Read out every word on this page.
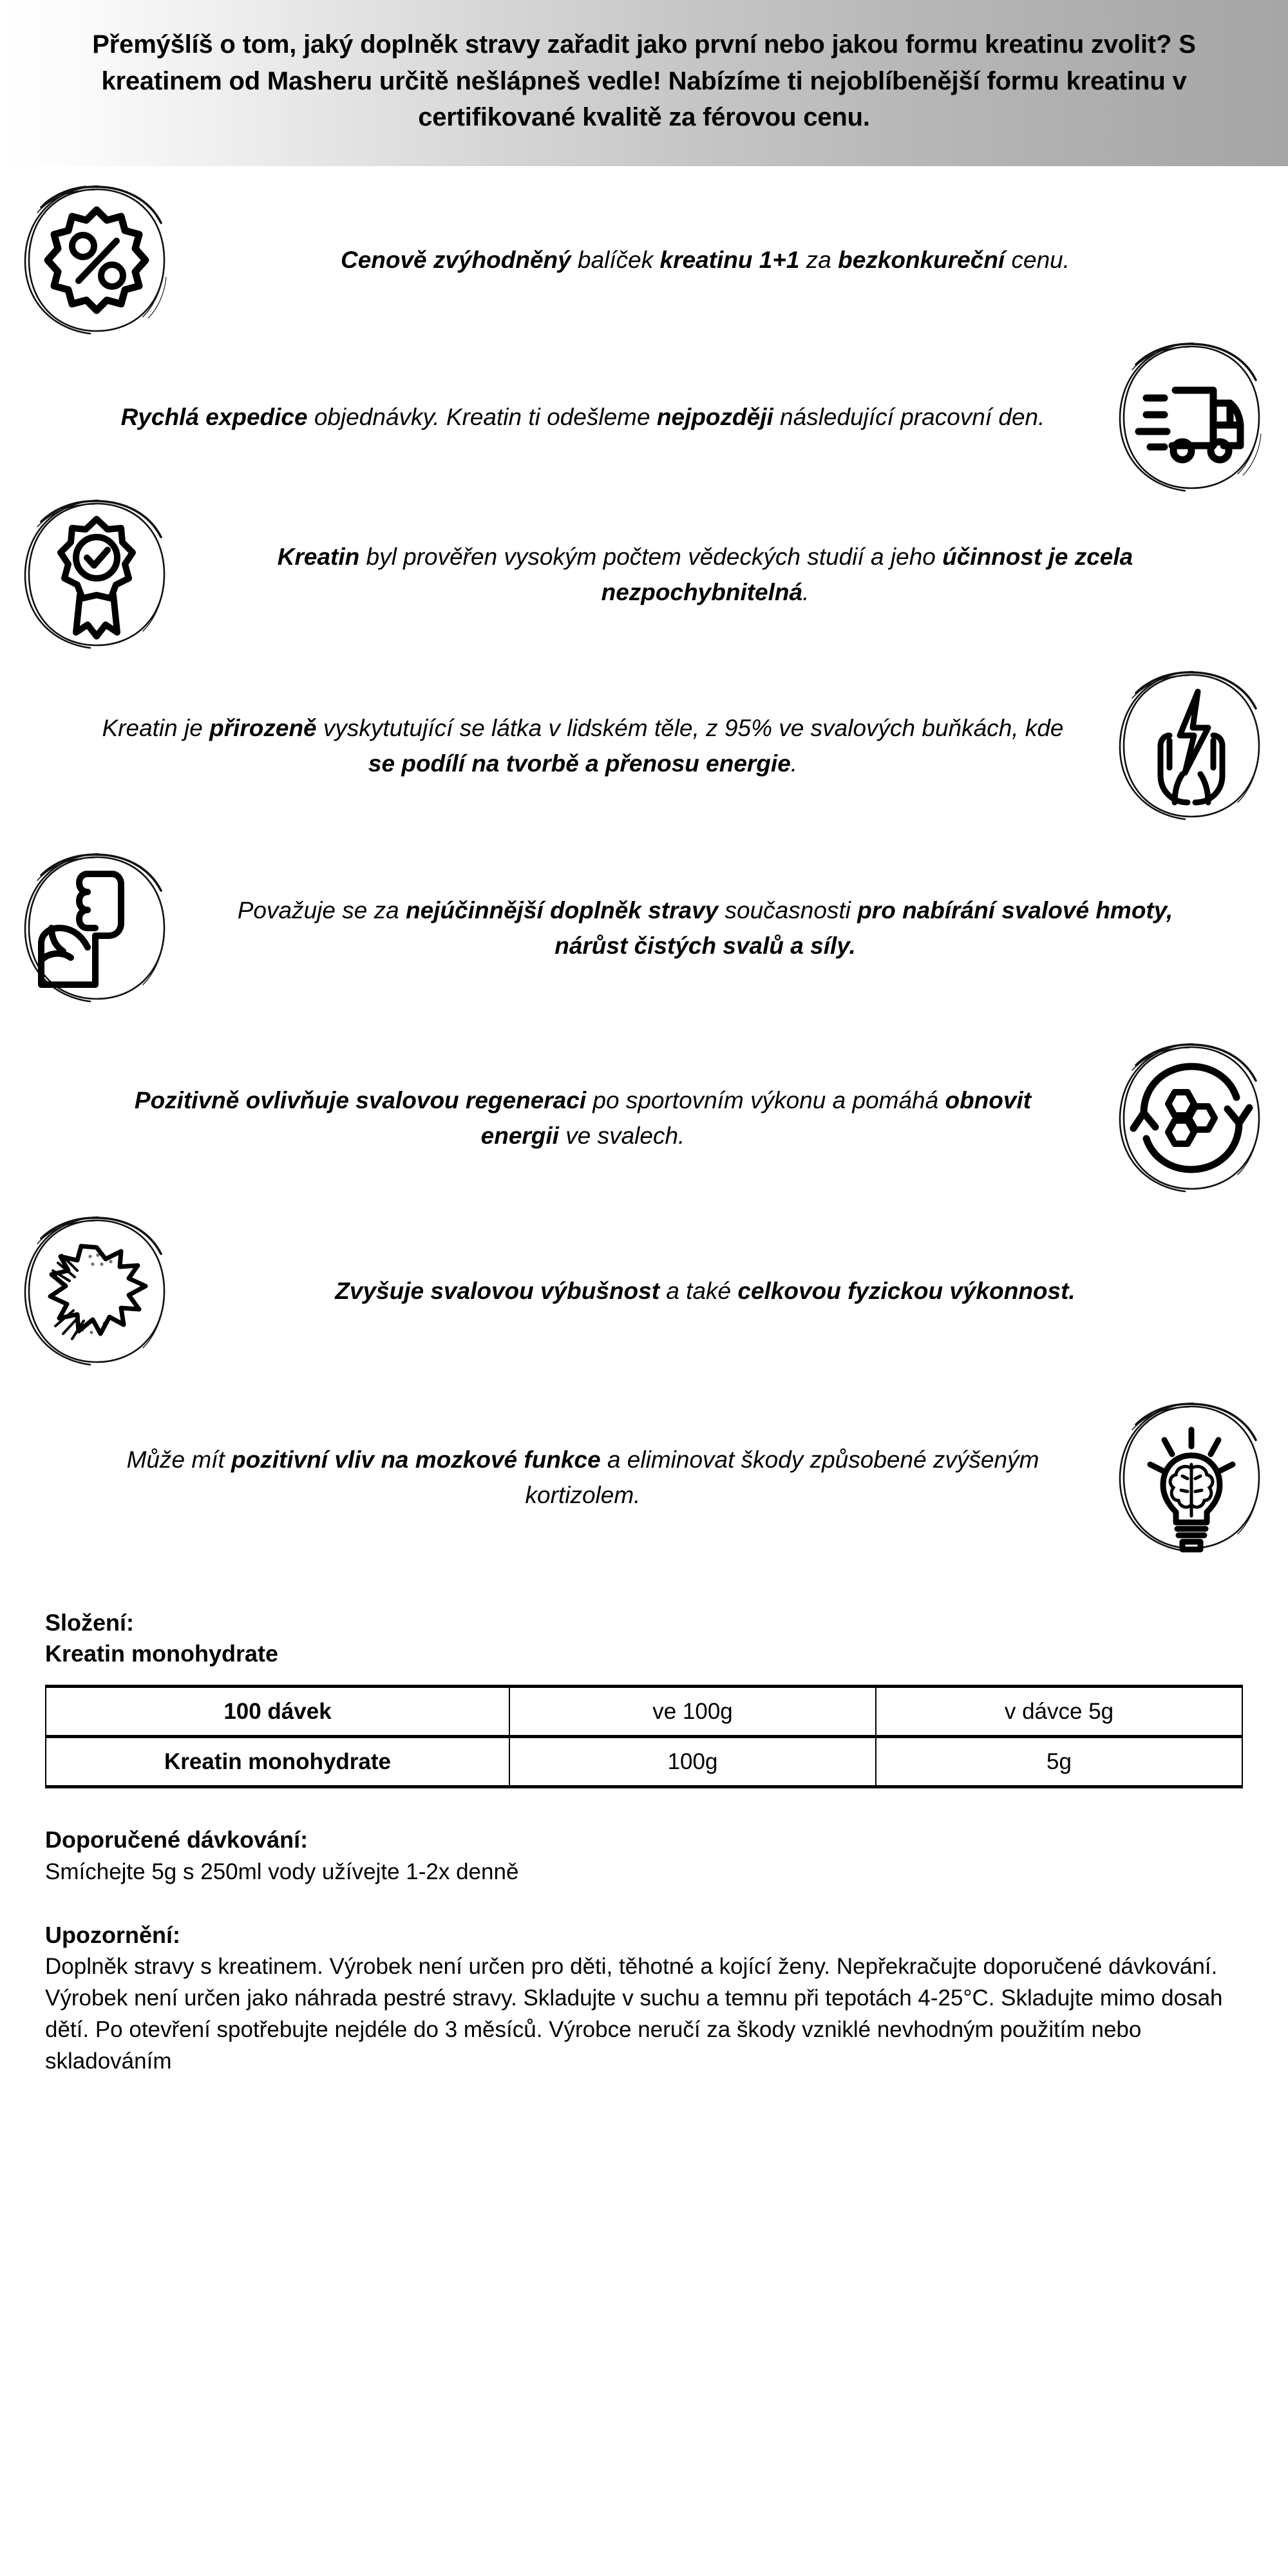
Přemýšlíš o tom, jaký doplněk stravy zařadit jako první nebo jakou formu kreatinu zvolit? S kreatinem od Masheru určitě nešlápneš vedle! Nabízíme ti nejoblíbenější formu kreatinu v certifikované kvalitě za férovou cenu.
Cenově zvýhodněný balíček kreatinu 1+1 za bezkonkureční cenu.
Rychlá expedice objednávky. Kreatin ti odešleme nejpozději následující pracovní den.
Kreatin byl prověřen vysokým počtem vědeckých studií a jeho účinnost je zcela nezpochybnitelná.
Kreatin je přirozeně vyskytutující se látka v lidském těle, z 95% ve svalových buňkách, kde se podílí na tvorbě a přenosu energie.
Považuje se za nejúčinnější doplněk stravy současnosti pro nabírání svalové hmoty, nárůst čistých svalů a síly.
Pozitivně ovlivňuje svalovou regeneraci po sportovním výkonu a pomáhá obnovit energii ve svalech.
Zvyšuje svalovou výbušnost a také celkovou fyzickou výkonnost.
Může mít pozitivní vliv na mozkové funkce a eliminovat škody způsobené zvýšeným kortizolem.
Složení:
Kreatin monohydrate
100 dávek	ve 100g	v dávce 5g
Kreatin monohydrate	100g	5g
Doporučené dávkování:

Smíchejte 5g s 250ml vody užívejte 1-2x denně

Upozornění:

Doplněk stravy s kreatinem. Výrobek není určen pro děti, těhotné a kojící ženy. Nepřekračujte doporučené dávkování. Výrobek není určen jako náhrada pestré stravy. Skladujte v suchu a temnu při tepotách 4-25°C. Skladujte mimo dosah dětí. Po otevření spotřebujte nejdéle do 3 měsíců. Výrobce neručí za škody vzniklé nevhodným použitím nebo skladováním
